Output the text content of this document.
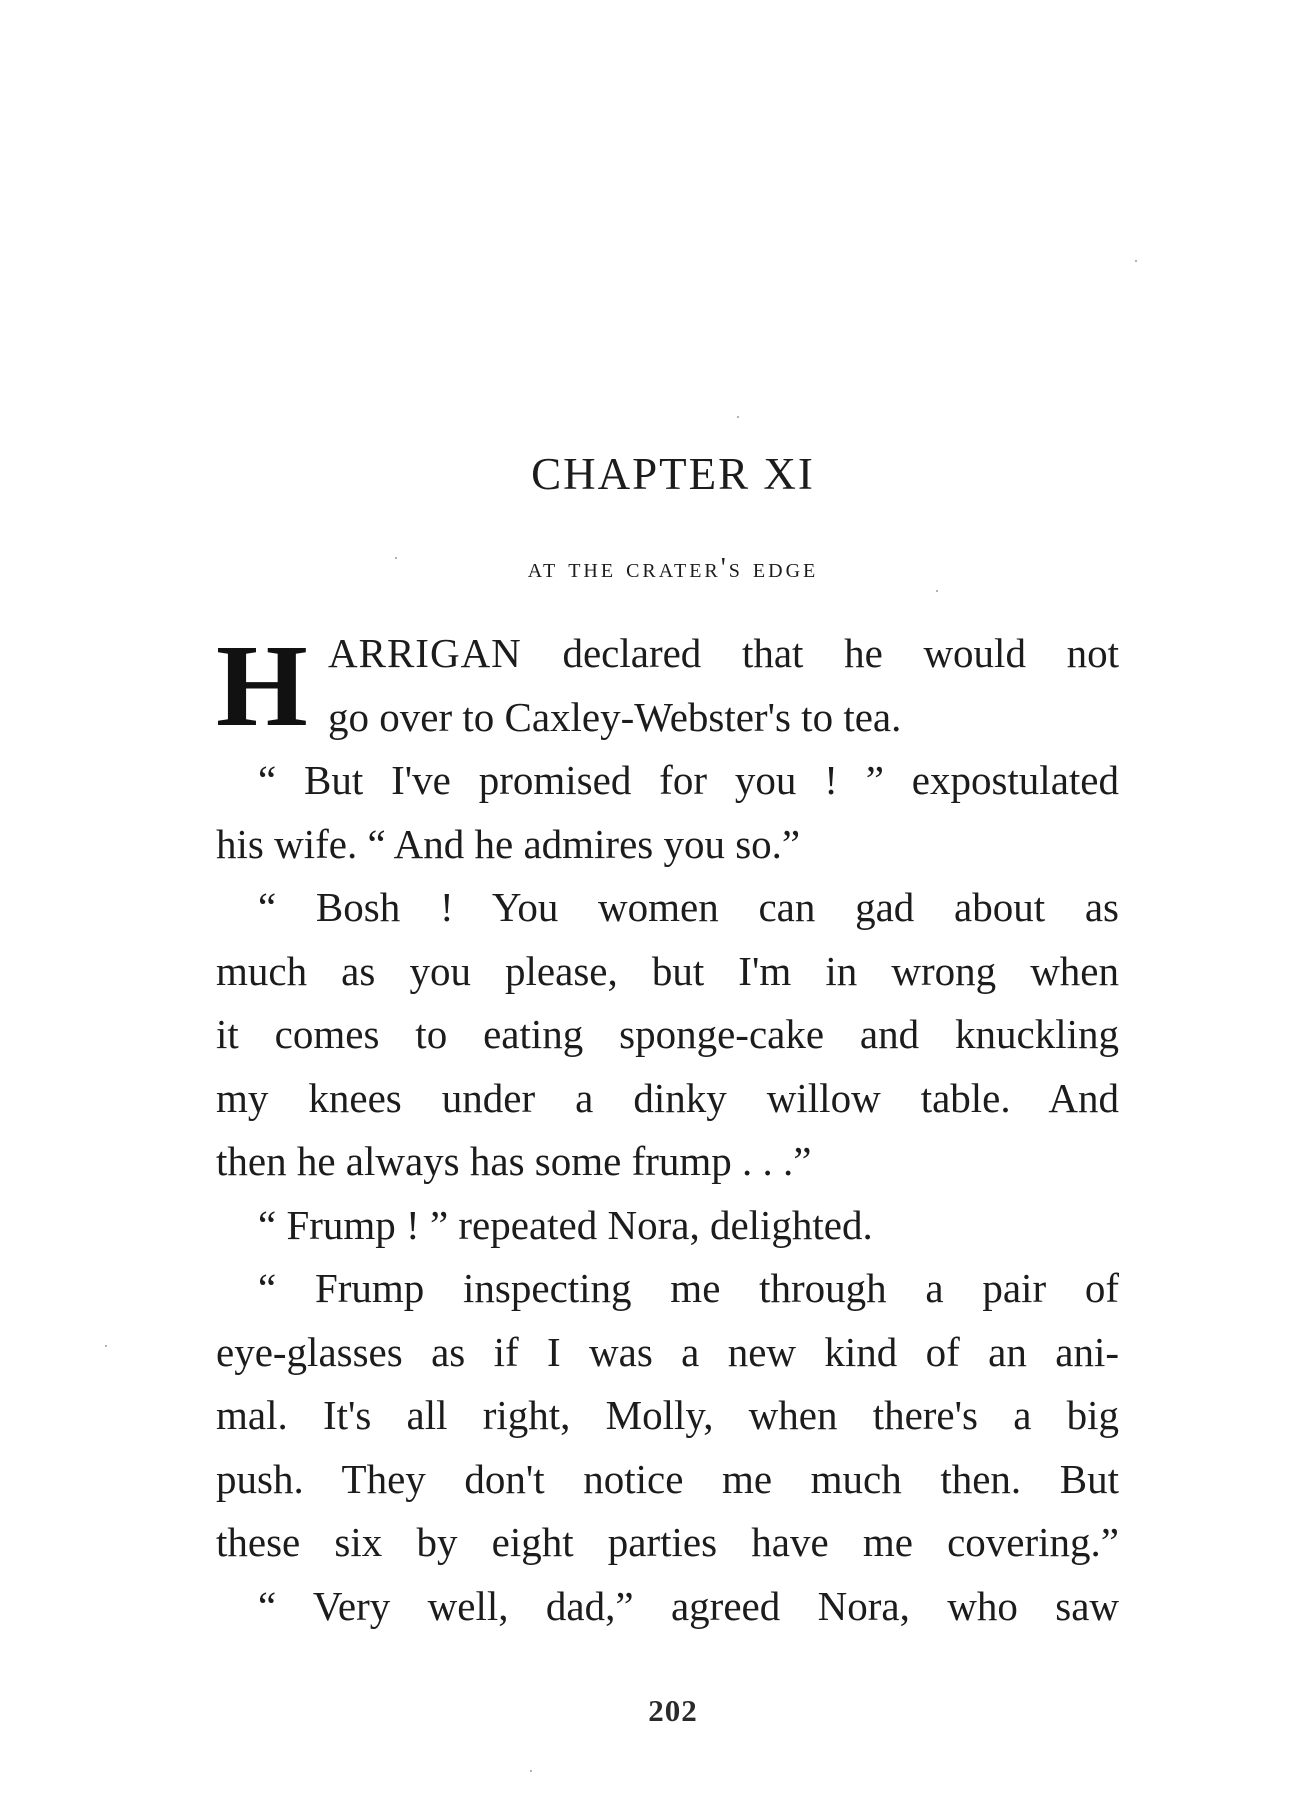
CHAPTER XI
at the crater's edge
H ARRIGAN declared that he would not
go over to Caxley-Webster's to tea.
“ But I've promised for you ! ” expostulated
his wife. “ And he admires you so.”
“ Bosh ! You women can gad about as
much as you please, but I'm in wrong when
it comes to eating sponge-cake and knuckling
my knees under a dinky willow table. And
then he always has some frump . . .”
“ Frump ! ” repeated Nora, delighted.
“ Frump inspecting me through a pair of
eye-glasses as if I was a new kind of an ani-
mal. It's all right, Molly, when there's a big
push. They don't notice me much then. But
these six by eight parties have me covering.”
“ Very well, dad,” agreed Nora, who saw
202
